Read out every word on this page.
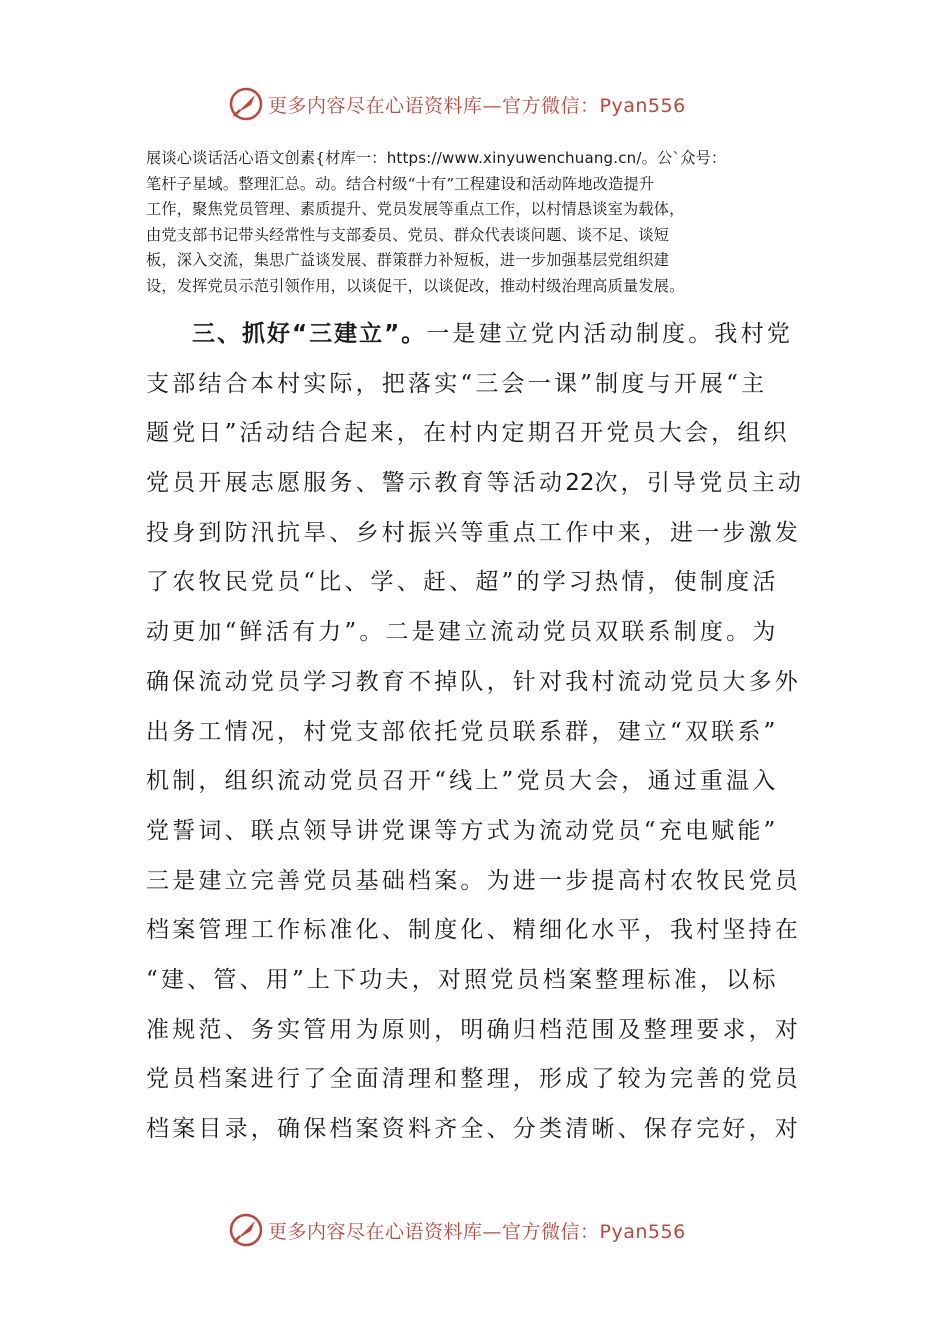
更多内容尽在心语资料库—官方微信：Pyan556
展谈心谈话活心语文创素{材库一：https://www.xinyuwenchuang.cn/。公`众号：
笔杆子星域。整理汇总。动。结合村级“十有”工程建设和活动阵地改造提升
工作，聚焦党员管理、素质提升、党员发展等重点工作，以村情恳谈室为载体，
由党支部书记带头经常性与支部委员、党员、群众代表谈问题、谈不足、谈短
板，深入交流，集思广益谈发展、群策群力补短板，进一步加强基层党组织建
设，发挥党员示范引领作用，以谈促干，以谈促改，推动村级治理高质量发展。
三、抓好“三建立”。一是建立党内活动制度。我村党
支部结合本村实际，把落实“三会一课”制度与开展“主
题党日”活动结合起来，在村内定期召开党员大会，组织
党员开展志愿服务、警示教育等活动22次，引导党员主动
投身到防汛抗旱、乡村振兴等重点工作中来，进一步激发
了农牧民党员“比、学、赶、超”的学习热情，使制度活
动更加“鲜活有力”。二是建立流动党员双联系制度。为
确保流动党员学习教育不掉队，针对我村流动党员大多外
出务工情况，村党支部依托党员联系群，建立“双联系”
机制，组织流动党员召开“线上”党员大会，通过重温入
党誓词、联点领导讲党课等方式为流动党员“充电赋能”
三是建立完善党员基础档案。为进一步提高村农牧民党员
档案管理工作标准化、制度化、精细化水平，我村坚持在
“建、管、用”上下功夫，对照党员档案整理标准，以标
准规范、务实管用为原则，明确归档范围及整理要求，对
党员档案进行了全面清理和整理，形成了较为完善的党员
档案目录，确保档案资料齐全、分类清晰、保存完好，对
更多内容尽在心语资料库—官方微信：Pyan556
